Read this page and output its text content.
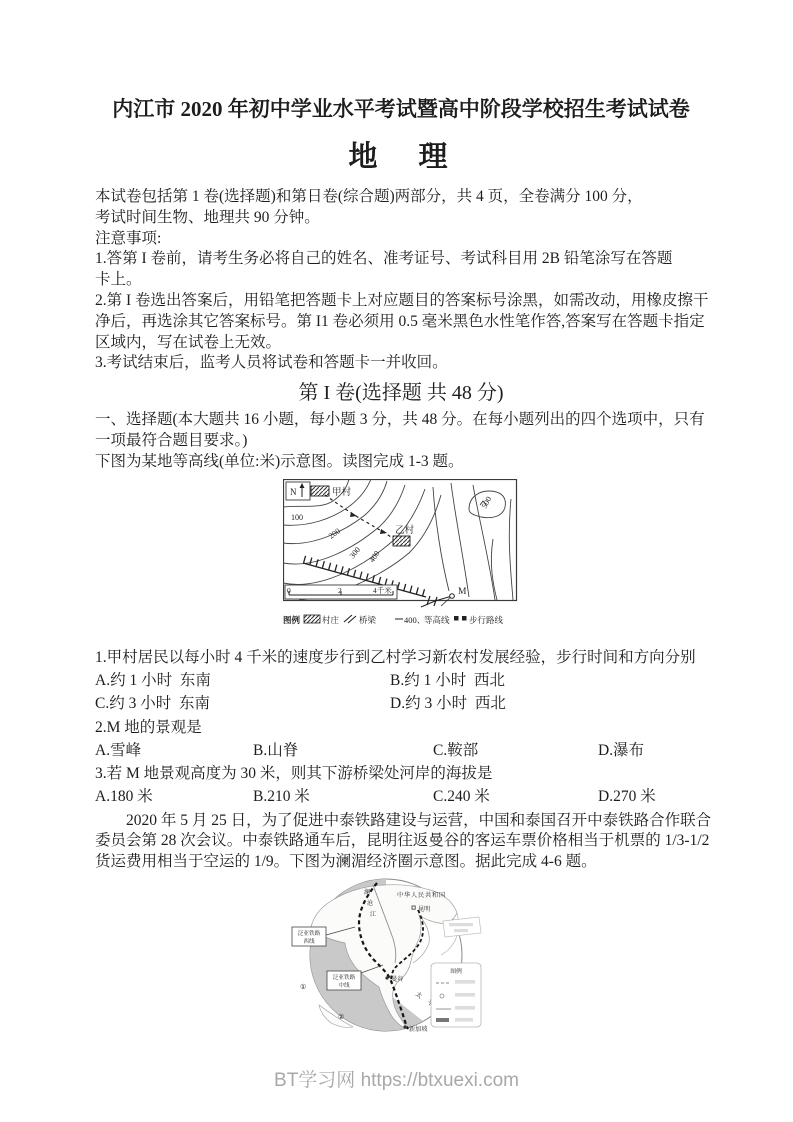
内江市 2020 年初中学业水平考试暨高中阶段学校招生考试试卷
地　理
本试卷包括第 1 卷(选择题)和第日卷(综合题)两部分，共 4 页，全卷满分 100 分，
考试时间生物、地理共 90 分钟。
注意事项:
1.答第 I 卷前，请考生务必将自己的姓名、准考证号、考试科目用 2B 铅笔涂写在答题
卡上。
2.第 I 卷选出答案后，用铅笔把答题卡上对应题目的答案标号涂黑，如需改动，用橡皮擦干
净后，再选涂其它答案标号。第 I1 卷必须用 0.5 毫米黑色水性笔作答,答案写在答题卡指定
区域内，写在试卷上无效。
3.考试结束后，监考人员将试卷和答题卡一并收回。
第 I 卷(选择题 共 48 分)
一、选择题(本大题共 16 小题，每小题 3 分，共 48 分。在每小题列出的四个选项中，只有
一项最符合题目要求。)
下图为某地等高线(单位:米)示意图。读图完成 1-3 题。
N
100
200
300 400
500
甲村
乙村
M
0	2	4千米
图例	村庄 桥梁	400、
等高线 步行路线
1.甲村居民以每小时 4 千米的速度步行到乙村学习新农村发展经验，步行时间和方向分别
A.约 1 小时  东南	B.约 1 小时  西北
C.约 3 小时  东南	D.约 3 小时  西北
2.M 地的景观是
A.雪峰	B.山脊	C.鞍部	D.瀑布
3.若 M 地景观高度为 30 米，则其下游桥梁处河岸的海拔是
A.180 米	B.210 米	C.240 米	D.270 米
　　2020 年 5 月 25 日，为了促进中泰铁路建设与运营，中国和泰国召开中泰铁路合作联合
委员会第 28 次会议。中泰铁路通车后，昆明往返曼谷的客运车票价格相当于机票的 1/3-1/2
货运费用相当于空运的 1/9。下图为澜湄经济圈示意图。据此完成 4-6 题。
中华人民共和国
昆明
澜
沧
江
泛亚铁路
西线
泛亚铁路
中线
曼谷
太
新加坡
①
②
图例
BT学习网 https://btxuexi.com
